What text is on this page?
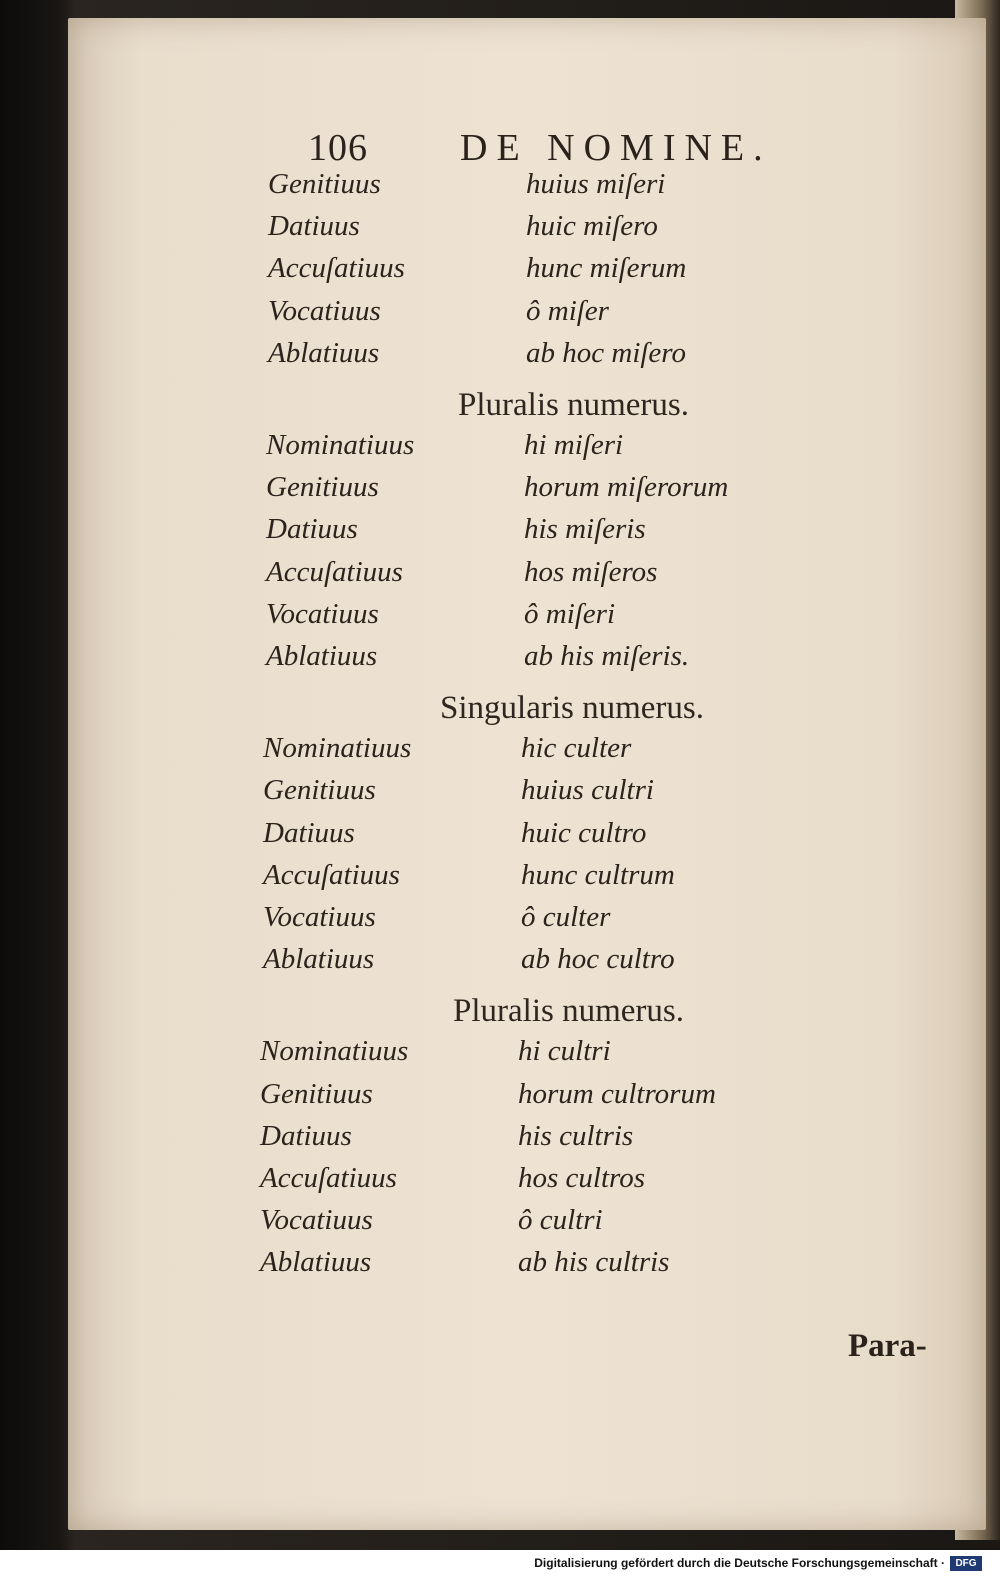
106 DE NOMINE.
Genitiuus	huius miſeri
Datiuus	huic miſero
Accuſatiuus	hunc miſerum
Vocatiuus	ô miſer
Ablatiuus	ab hoc miſero
Pluralis numerus.
Nominatiuus	hi miſeri
Genitiuus	horum miſerorum
Datiuus	his miſeris
Accuſatiuus	hos miſeros
Vocatiuus	ô miſeri
Ablatiuus	ab his miſeris.
Singularis numerus.
Nominatiuus	hic culter
Genitiuus	huius cultri
Datiuus	huic cultro
Accuſatiuus	hunc cultrum
Vocatiuus	ô culter
Ablatiuus	ab hoc cultro
Pluralis numerus.
Nominatiuus	hi cultri
Genitiuus	horum cultrorum
Datiuus	his cultris
Accuſatiuus	hos cultros
Vocatiuus	ô cultri
Ablatiuus	ab his cultris
Para-
Digitalisierung gefördert durch die Deutsche Forschungsgemeinschaft ·	DFG
